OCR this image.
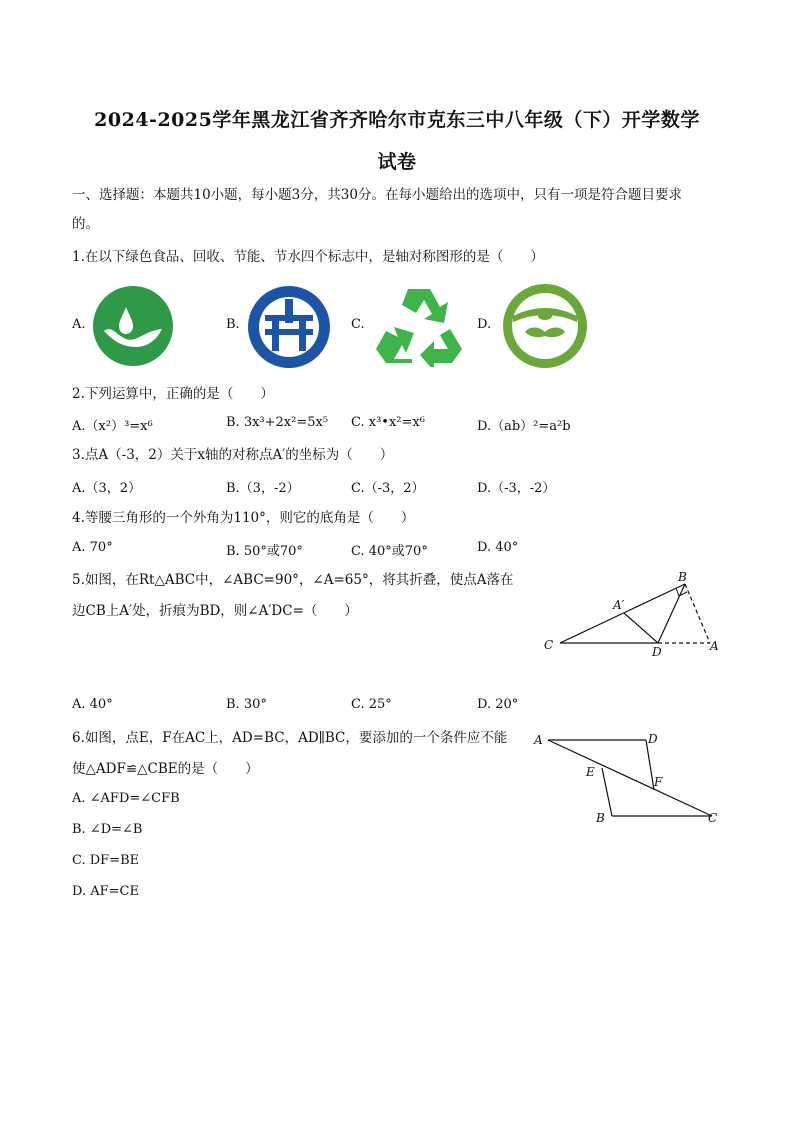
2024-2025学年黑龙江省齐齐哈尔市克东三中八年级（下）开学数学
试卷
一、选择题：本题共10小题，每小题3分，共30分。在每小题给出的选项中，只有一项是符合题目要求
的。
1.在以下绿色食品、回收、节能、节水四个标志中，是轴对称图形的是（　　）
A.	B.	C.	D.
2.下列运算中，正确的是（　　）
A.（x²）³=x⁶	B. 3x³+2x²=5x⁵ C. x³•x²=x⁶	D.（ab）²=a²b
3.点A（-3，2）关于x轴的对称点A′的坐标为（　　）
A.（3，2）	B.（3，-2）	C.（-3，2）	D.（-3，-2）
4.等腰三角形的一个外角为110°，则它的底角是（　　）
A. 70°	B. 50°或70°	C. 40°或70°	D. 40°
5.如图，在Rt△ABC中，∠ABC=90°，∠A=65°，将其折叠，使点A落在
边CB上A′处，折痕为BD，则∠A′DC=（　　）
B
A′
C	D	A
A. 40°	B. 30°	C. 25°	D. 20°
6.如图，点E，F在AC上，AD=BC，AD∥BC，要添加的一个条件应不能
使△ADF≌△CBE的是（　　）
A	D
E
F
B	C
A. ∠AFD=∠CFB
B. ∠D=∠B
C. DF=BE
D. AF=CE
